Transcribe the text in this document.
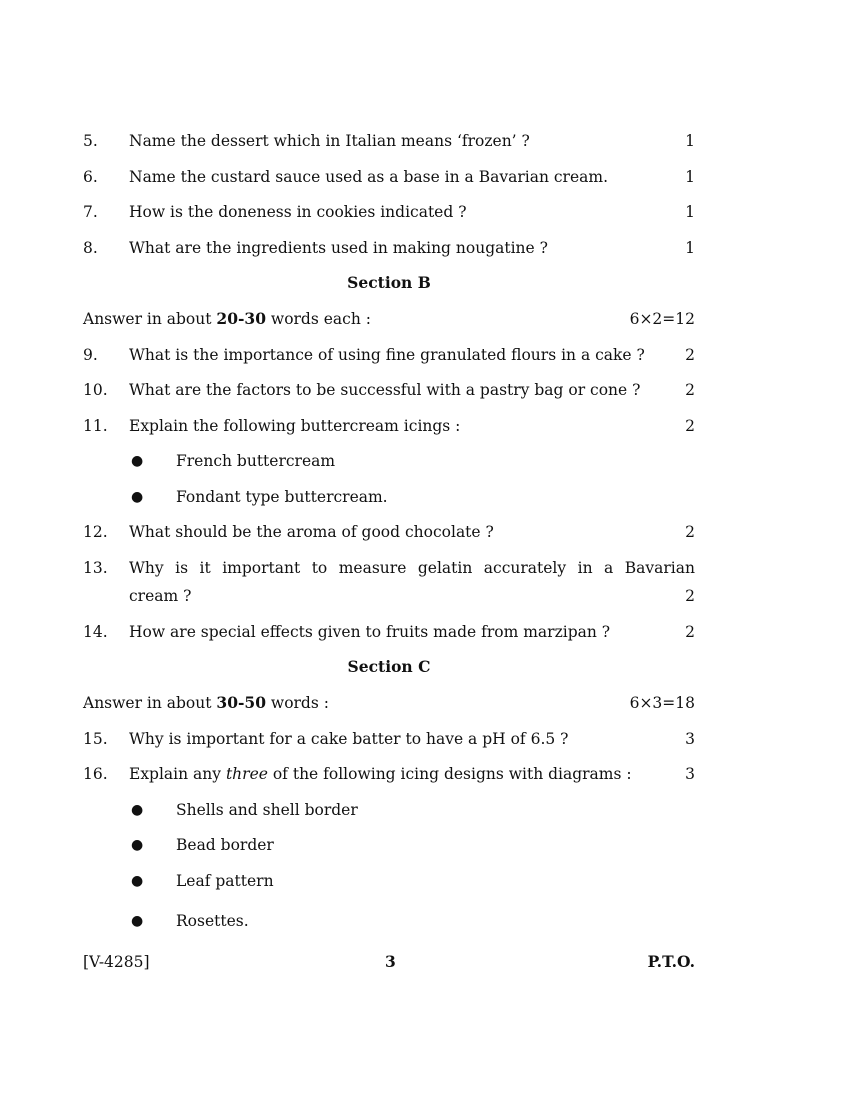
5. Name the dessert which in Italian means ‘frozen’ ?	1
6. Name the custard sauce used as a base in a Bavarian cream.	1
7. How is the doneness in cookies indicated ?	1
8. What are the ingredients used in making nougatine ?	1
Section B
Answer in about 20-30 words each :	6×2=12
9. What is the importance of using fine granulated flours in a cake ?	2
10. What are the factors to be successful with a pastry bag or cone ?	2
11. Explain the following buttercream icings :	2
● French buttercream
● Fondant type buttercream.
12. What should be the aroma of good chocolate ?	2
13. Why is it important to measure gelatin accurately in a Bavarian
cream ?	2
14. How are special effects given to fruits made from marzipan ?	2
Section C
Answer in about 30-50 words :	6×3=18
15. Why is important for a cake batter to have a pH of 6.5 ?	3
16. Explain any three of the following icing designs with diagrams :	3
● Shells and shell border
● Bead border
● Leaf pattern
● Rosettes.
[V-4285]	3	P.T.O.
